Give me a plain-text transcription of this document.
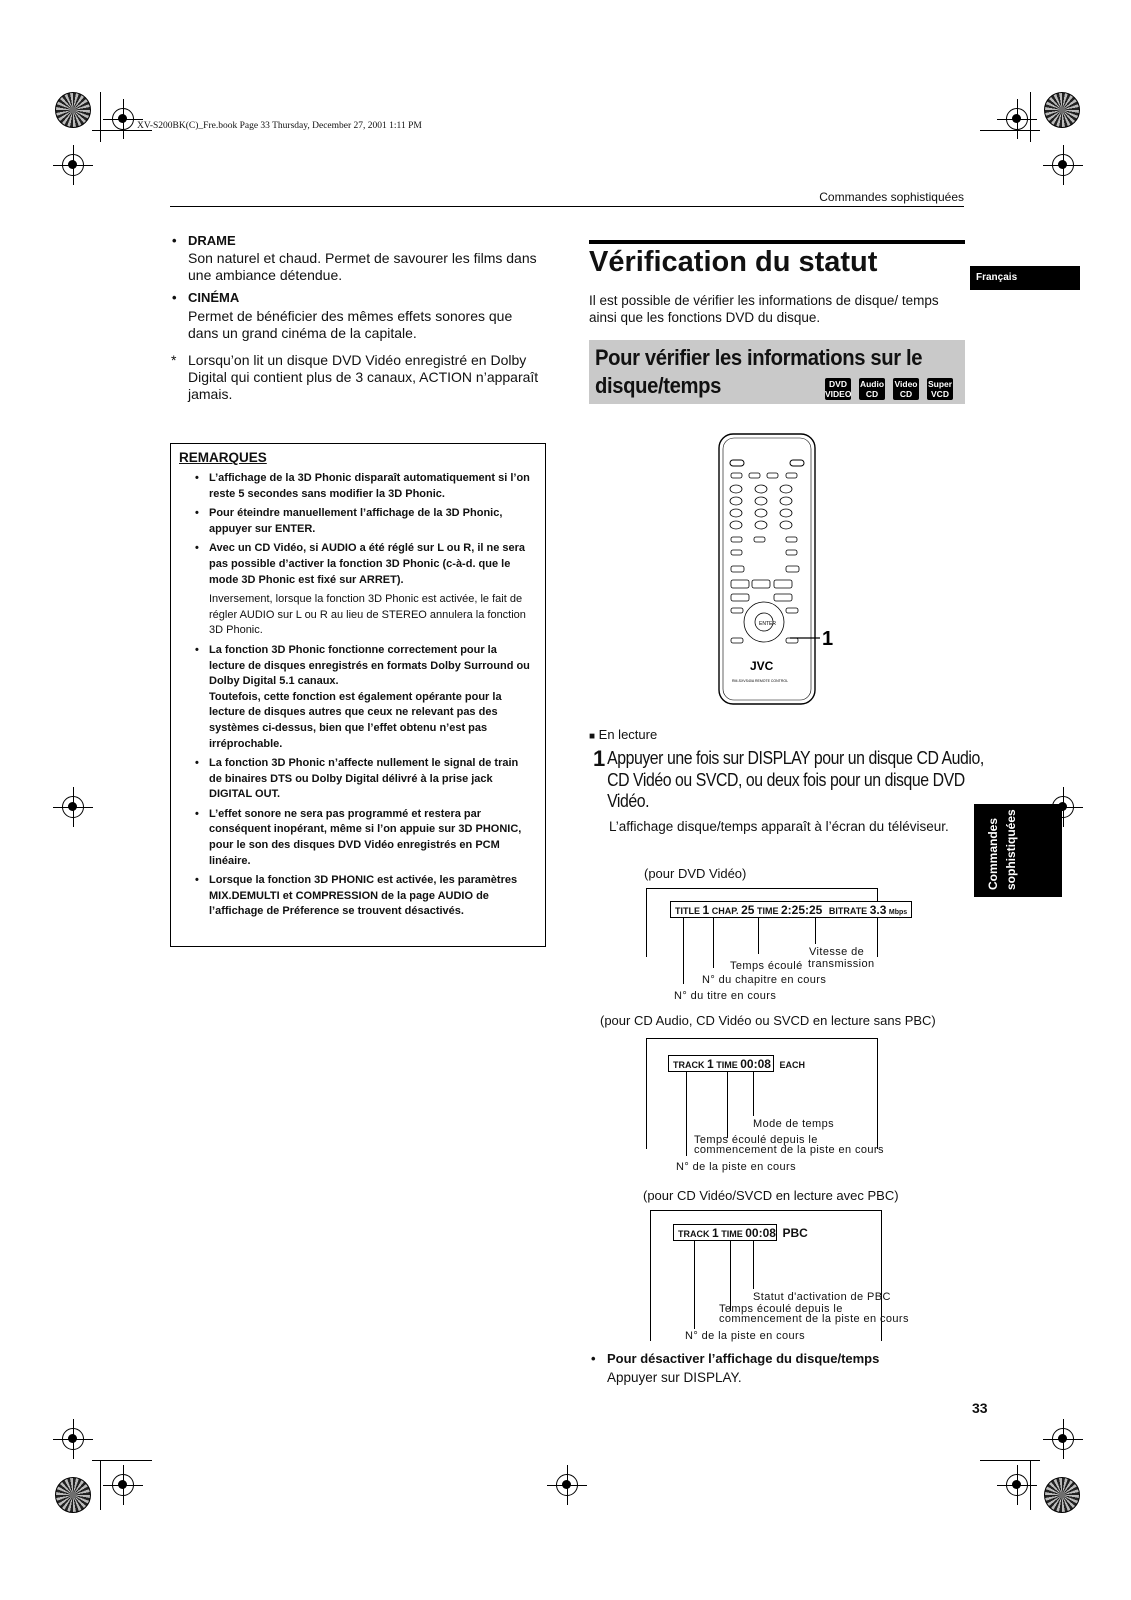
XV-S200BK(C)_Fre.book Page 33 Thursday, December 27, 2001 1:11 PM
Commandes sophistiquées
• DRAME
Son naturel et chaud. Permet de savourer les films dans une ambiance détendue.
• CINÉMA
Permet de bénéficier des mêmes effets sonores que dans un grand cinéma de la capitale.
* Lorsqu’on lit un disque DVD Vidéo enregistré en Dolby Digital qui contient plus de 3 canaux, ACTION n’apparaît jamais.
REMARQUES
• L’affichage de la 3D Phonic disparaît automatiquement si l’on reste 5 secondes sans modifier la 3D Phonic.
• Pour éteindre manuellement l’affichage de la 3D Phonic, appuyer sur ENTER.
• Avec un CD Vidéo, si AUDIO a été réglé sur L ou R, il ne sera pas possible d’activer la fonction 3D Phonic (c-à-d. que le mode 3D Phonic est fixé sur ARRET).
Inversement, lorsque la fonction 3D Phonic est activée, le fait de régler AUDIO sur L ou R au lieu de STEREO annulera la fonction 3D Phonic.
• La fonction 3D Phonic fonctionne correctement pour la lecture de disques enregistrés en formats Dolby Surround ou Dolby Digital 5.1 canaux.
Toutefois, cette fonction est également opérante pour la lecture de disques autres que ceux ne relevant pas des systèmes ci-dessus, bien que l’effet obtenu n’est pas irréprochable.
• La fonction 3D Phonic n’affecte nullement le signal de train de binaires DTS ou Dolby Digital délivré à la prise jack DIGITAL OUT.
• L’effet sonore ne sera pas programmé et restera par conséquent inopérant, même si l’on appuie sur 3D PHONIC, pour le son des disques DVD Vidéo enregistrés en PCM linéaire.
• Lorsque la fonction 3D PHONIC est activée, les paramètres MIX.DEMULTI et COMPRESSION de la page AUDIO de l’affichage de Préference se trouvent désactivés.
Vérification du statut
Il est possible de vérifier les informations de disque/ temps ainsi que les fonctions DVD du disque.
Pour vérifier les informations sur le disque/temps	DVD VIDEO
Audio CD
Video CD
Super VCD
Français
Commandes sophistiquées
ENTER
JVC
RM-SXVS40A REMOTE CONTROL
1
■ En lecture
1 Appuyer une fois sur DISPLAY pour un disque CD Audio, CD Vidéo ou SVCD, ou deux fois pour un disque DVD Vidéo.
L’affichage disque/temps apparaît à l’écran du téléviseur.
(pour DVD Vidéo)
TITLE 1 CHAP. 25 TIME 2:25:25 BITRATE 3.3 Mbps
Vitesse de
transmission
Temps écoulé
N° du chapitre en cours
N° du titre en cours
(pour CD Audio, CD Vidéo ou SVCD en lecture sans PBC)
TRACK 1 TIME 00:08 EACH
Mode de temps
Temps écoulé depuis le
commencement de la piste en cours
N° de la piste en cours
(pour CD Vidéo/SVCD en lecture avec PBC)
TRACK 1 TIME 00:08 PBC
Statut d'activation de PBC
Temps écoulé depuis le
commencement de la piste en cours
N° de la piste en cours
• Pour désactiver l’affichage du disque/temps
Appuyer sur DISPLAY.
33
